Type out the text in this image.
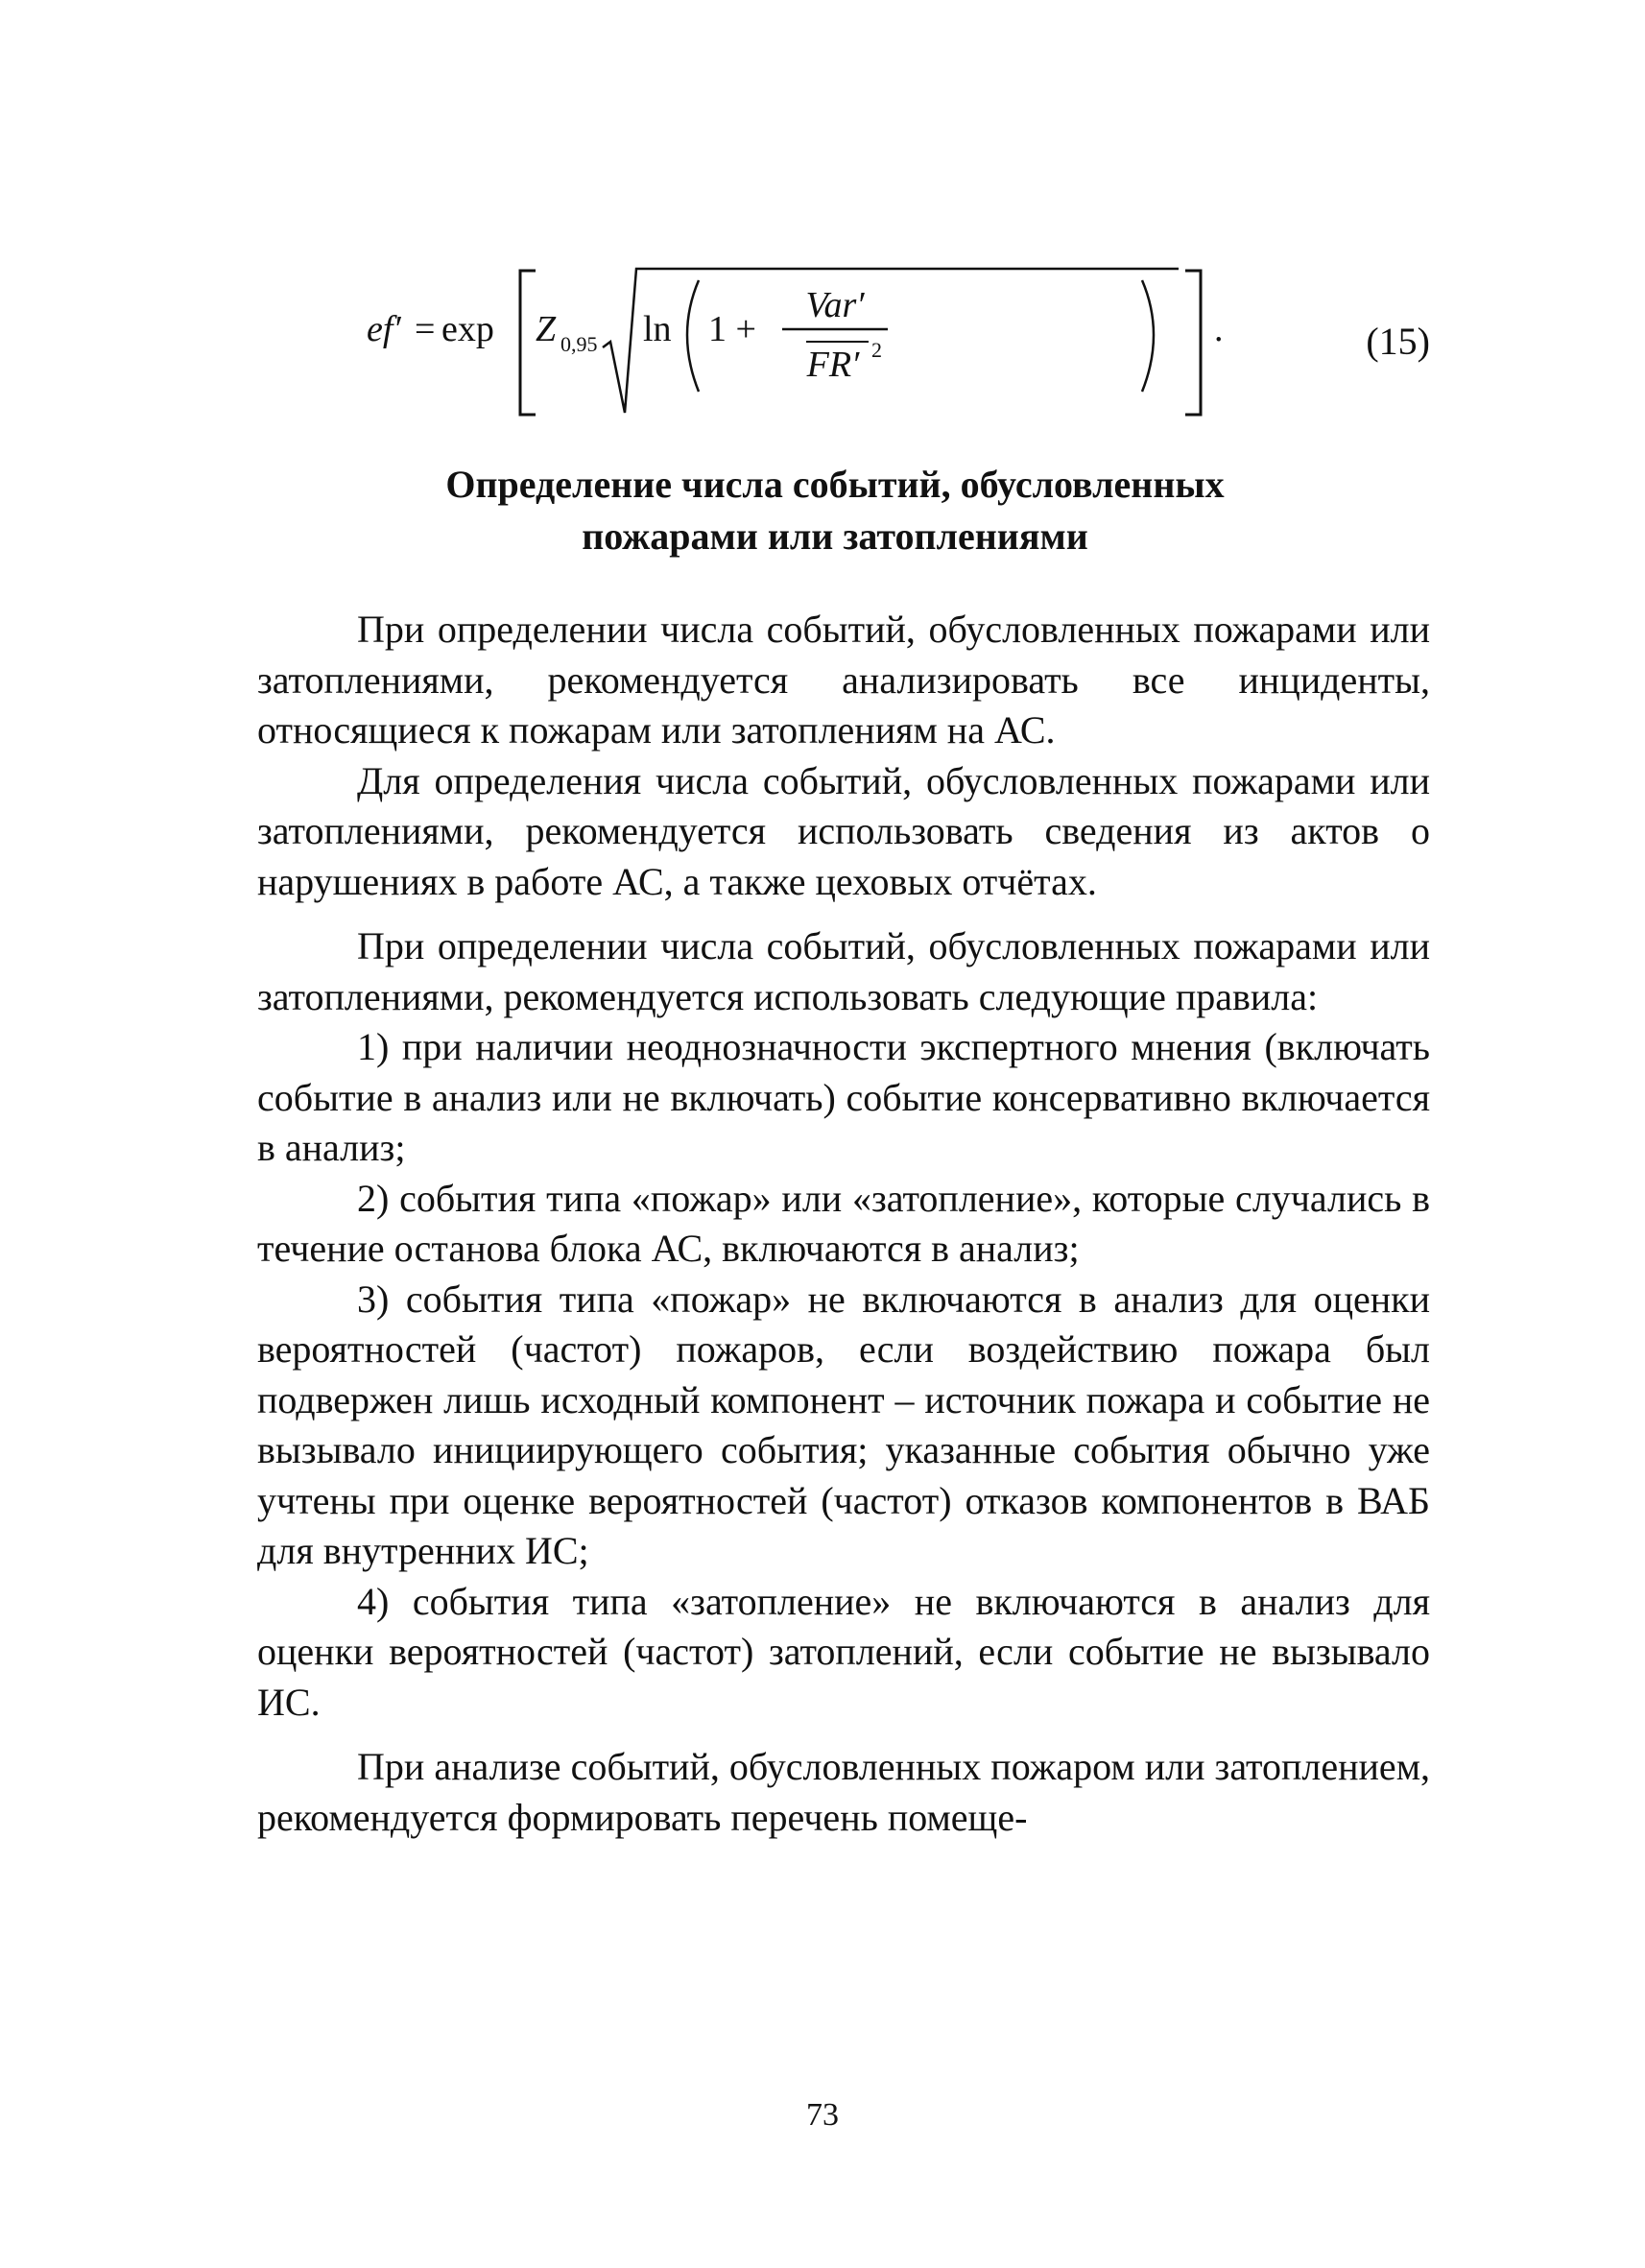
ef′ = exp Z 0,95 ln 1 +
Var′
FR′ 2
.	(15)
Определение числа событий, обусловленных
пожарами или затоплениями

При определении числа событий, обусловленных пожарами или затоплениями, рекомендуется анализировать все инциденты, относящиеся к пожарам или затоплениям на АС.

Для определения числа событий, обусловленных пожарами или затоплениями, рекомендуется использовать сведения из актов о нарушениях в работе АС, а также цеховых отчётах.

При определении числа событий, обусловленных пожарами или затоплениями, рекомендуется использовать следующие правила:

1) при наличии неоднозначности экспертного мнения (включать событие в анализ или не включать) событие консервативно включается в анализ;

2) события типа «пожар» или «затопление», которые случались в течение останова блока АС, включаются в анализ;

3) события типа «пожар» не включаются в анализ для оценки вероятностей (частот) пожаров, если воздействию пожара был подвержен лишь исходный компонент – источник пожара и событие не вызывало инициирующего события; указанные события обычно уже учтены при оценке вероятностей (частот) отказов компонентов в ВАБ для внутренних ИС;

4) события типа «затопление» не включаются в анализ для оценки вероятностей (частот) затоплений, если событие не вызывало ИС.

При анализе событий, обусловленных пожаром или затоплением, рекомендуется формировать перечень помеще-

73
